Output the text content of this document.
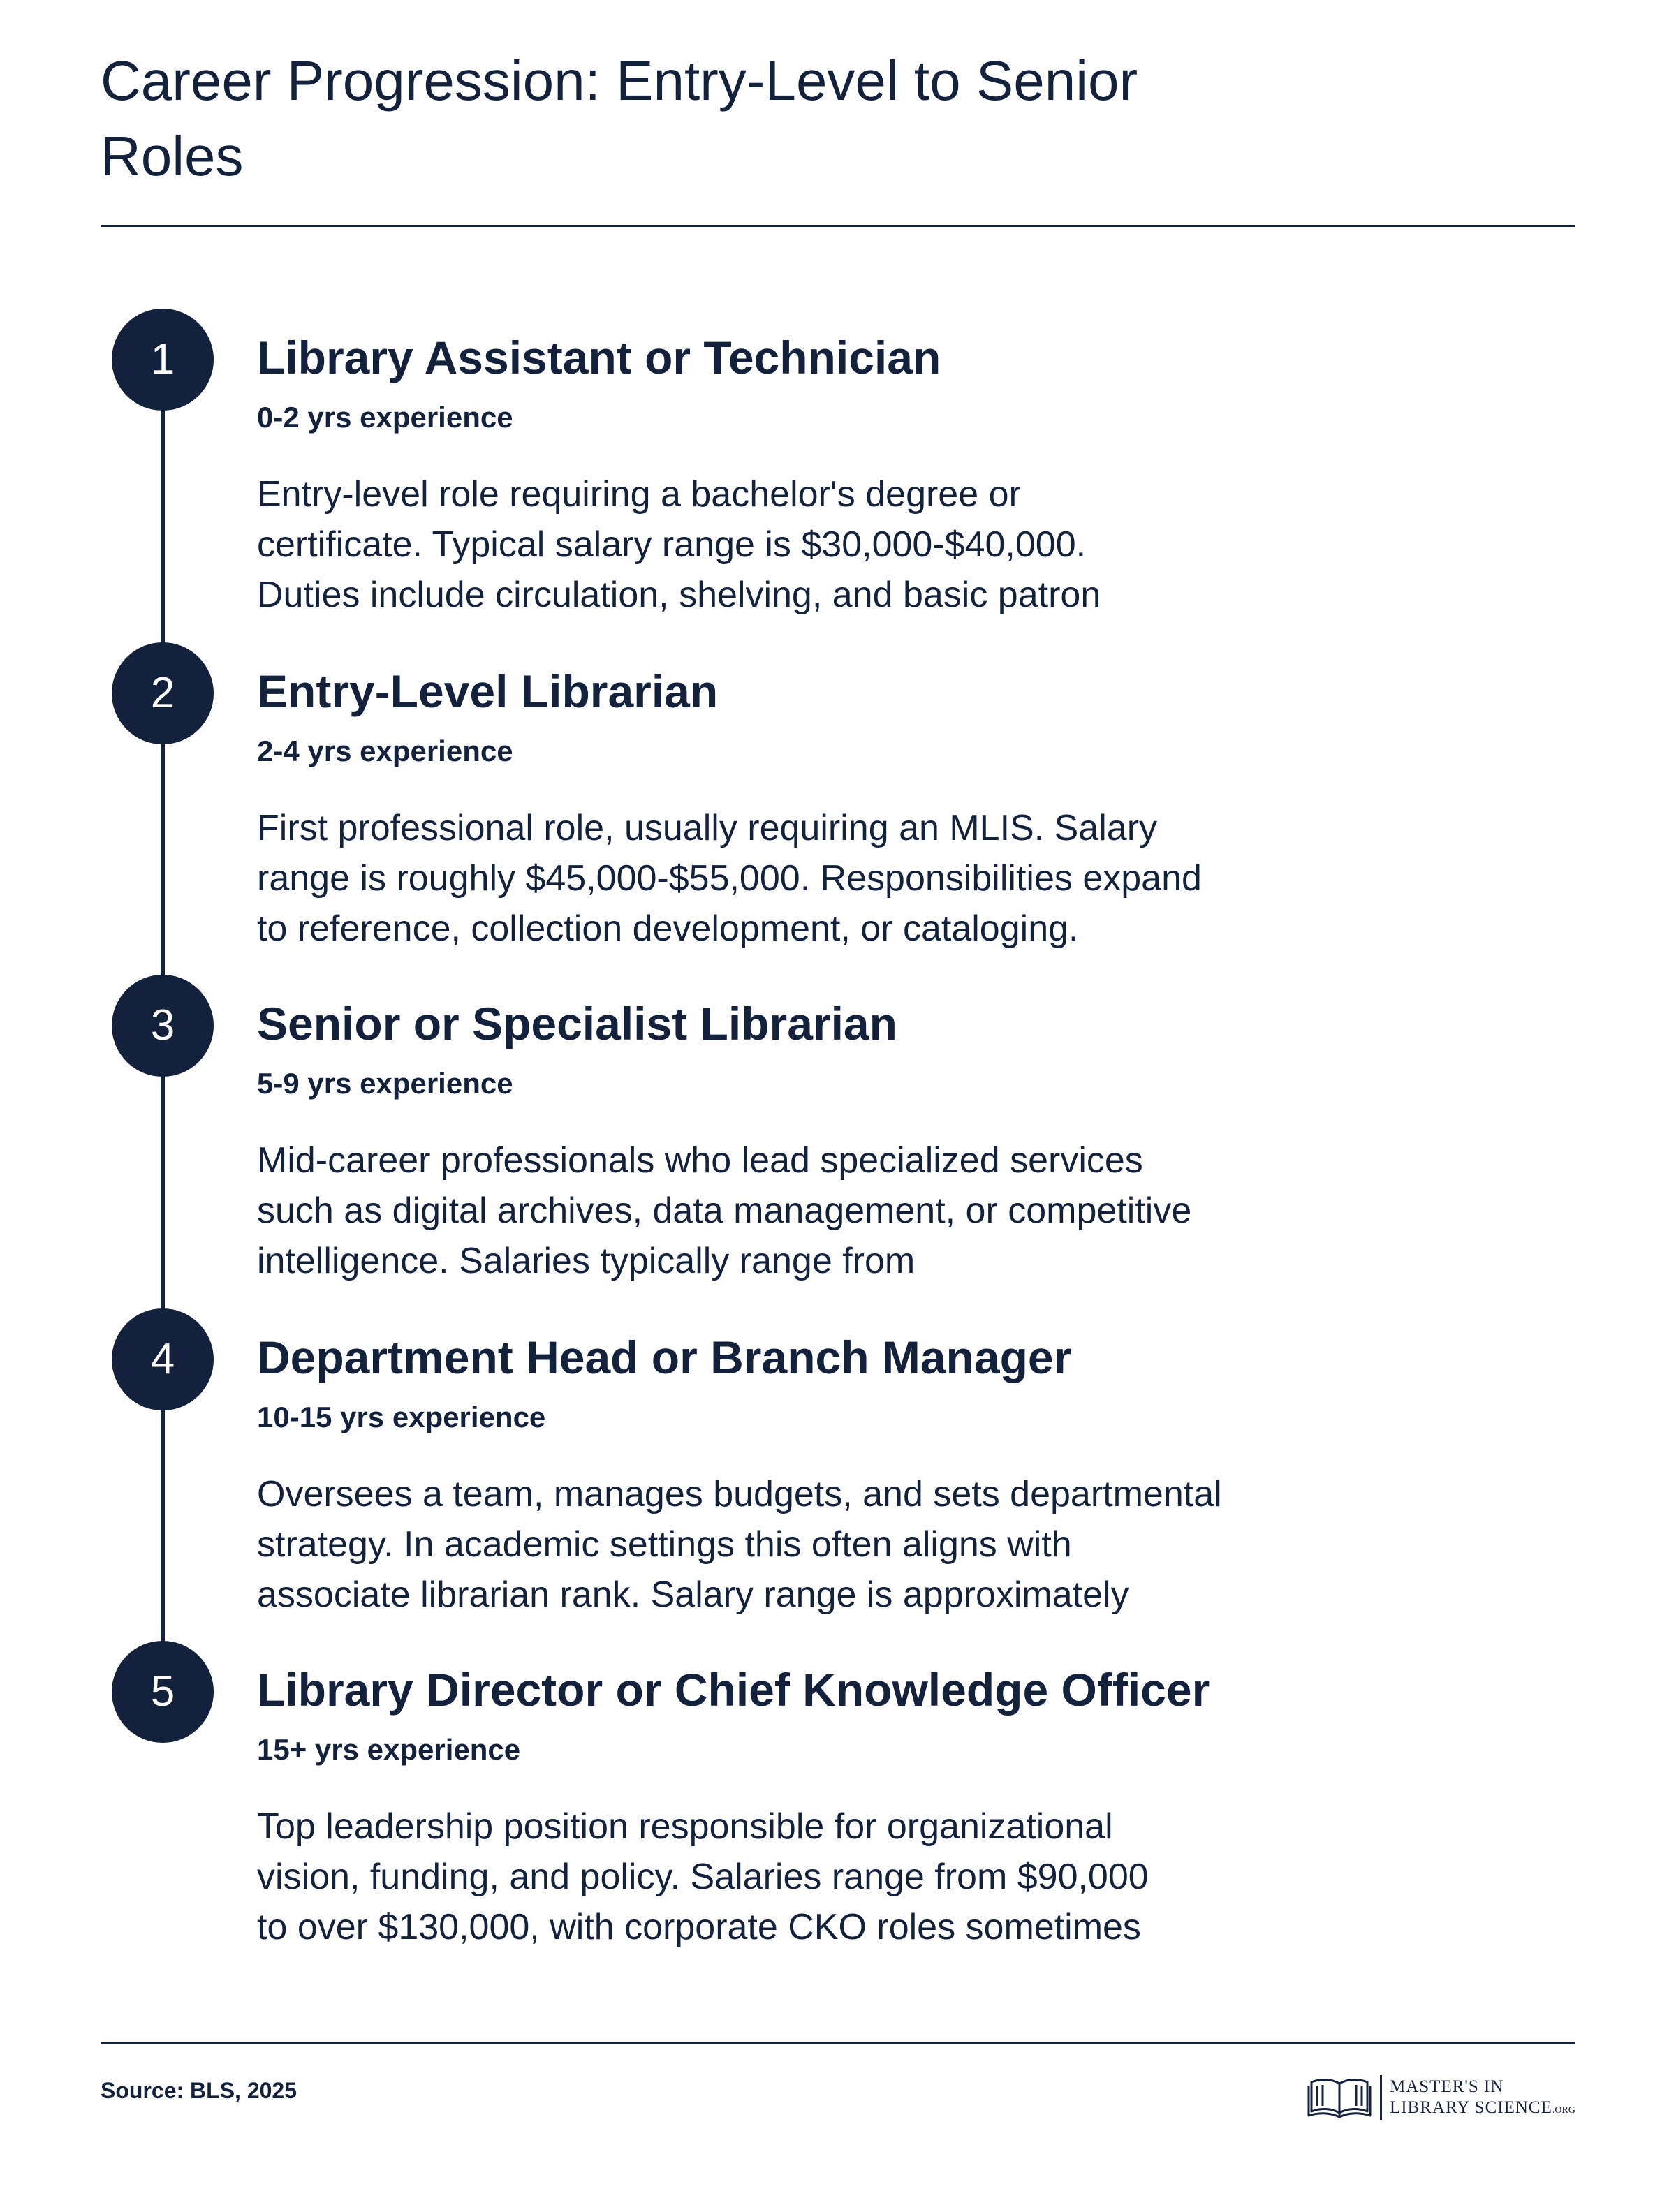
Career Progression: Entry-Level to Senior Roles
1	Library Assistant or Technician
0-2 yrs experience

Entry-level role requiring a bachelor's degree or
certificate. Typical salary range is $30,000-$40,000.
Duties include circulation, shelving, and basic patron

2	Entry-Level Librarian
2-4 yrs experience

First professional role, usually requiring an MLIS. Salary
range is roughly $45,000-$55,000. Responsibilities expand
to reference, collection development, or cataloging.

3	Senior or Specialist Librarian
5-9 yrs experience

Mid-career professionals who lead specialized services
such as digital archives, data management, or competitive
intelligence. Salaries typically range from

4	Department Head or Branch Manager
10-15 yrs experience

Oversees a team, manages budgets, and sets departmental
strategy. In academic settings this often aligns with
associate librarian rank. Salary range is approximately

5	Library Director or Chief Knowledge Officer
15+ yrs experience

Top leadership position responsible for organizational
vision, funding, and policy. Salaries range from $90,000
to over $130,000, with corporate CKO roles sometimes

Source: BLS, 2025	MASTER'S IN
LIBRARY SCIENCE.ORG
